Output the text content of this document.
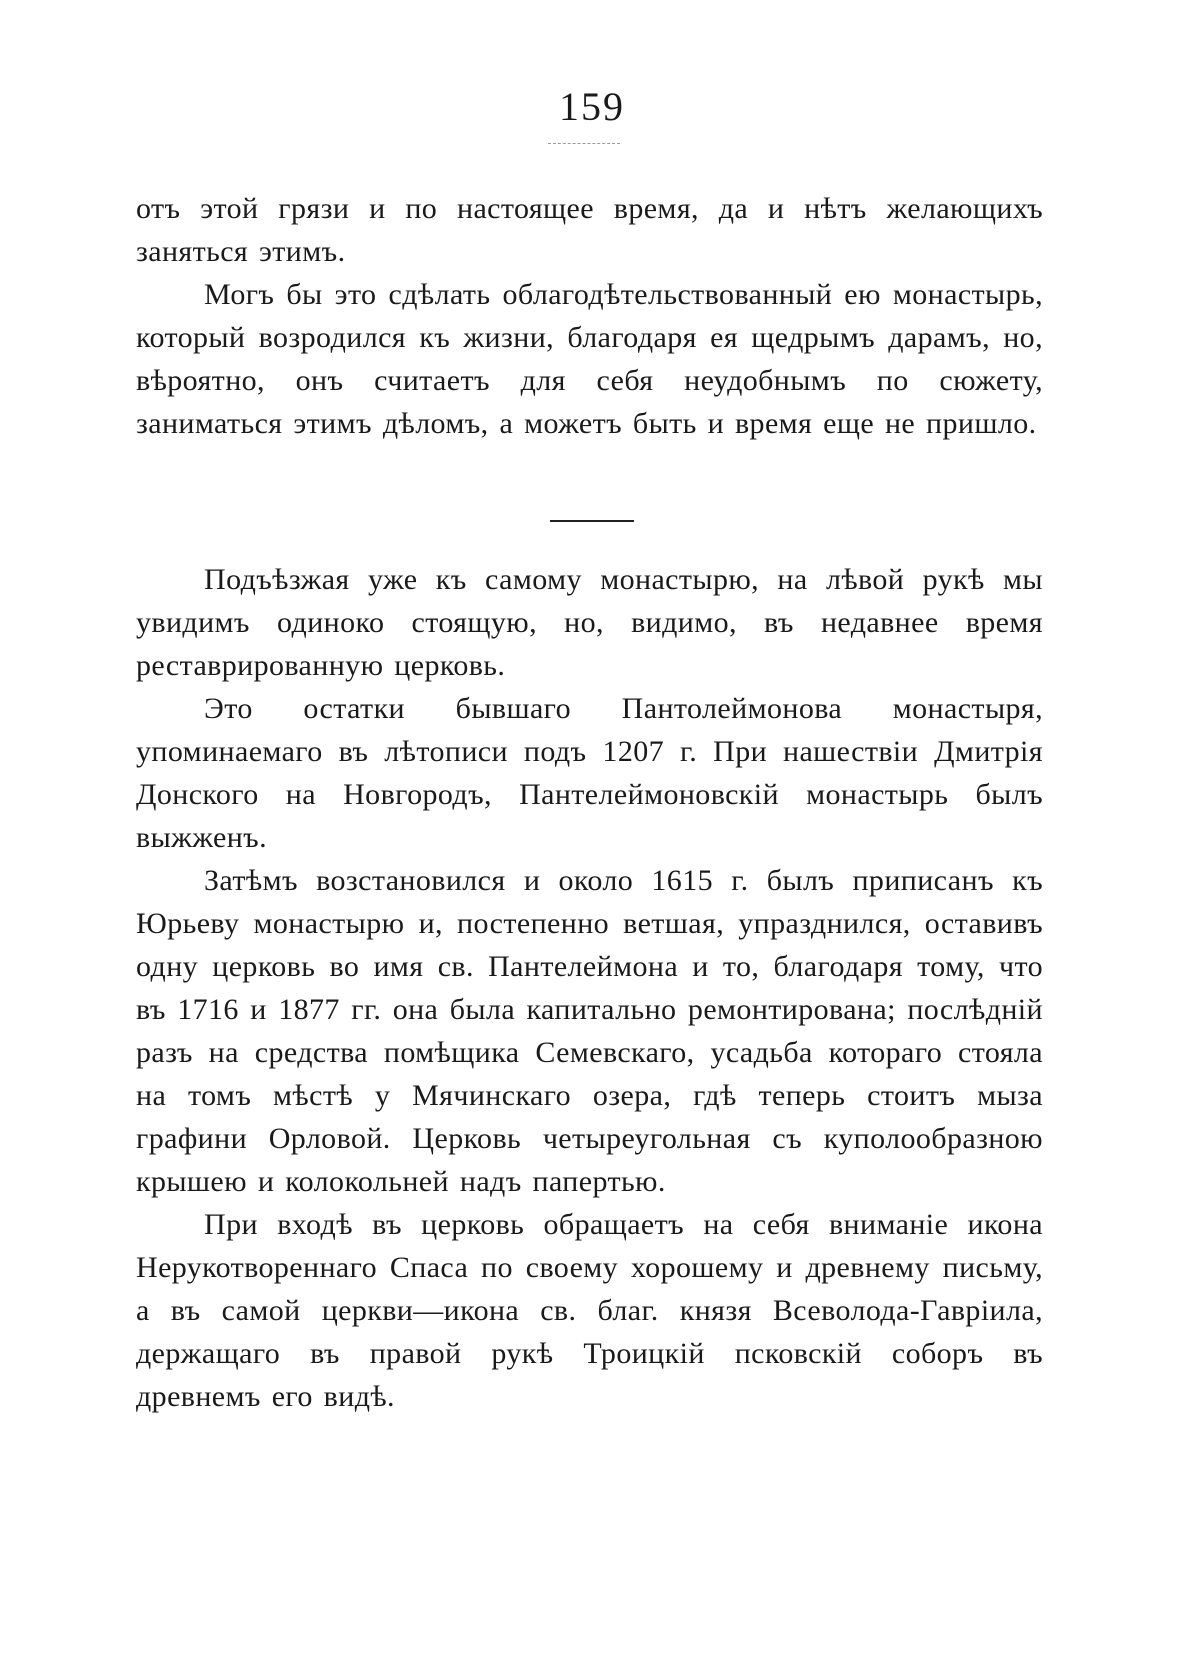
159

отъ этой грязи и по настоящее время, да и нѣтъ желающихъ заняться этимъ.

Могъ бы это сдѣлать облагодѣтельствованный ею монастырь, который возродился къ жизни, благодаря ея щедрымъ дарамъ, но, вѣроятно, онъ считаетъ для себя неудобнымъ по сюжету, заниматься этимъ дѣломъ, а можетъ быть и время еще не пришло.

Подъѣзжая уже къ самому монастырю, на лѣвой рукѣ мы увидимъ одиноко стоящую, но, видимо, въ недавнее время реставрированную церковь.

Это остатки бывшаго Пантолеймонова монастыря, упоминаемаго въ лѣтописи подъ 1207 г. При нашествіи Дмитрія Донского на Новгородъ, Пантелеймоновскій монастырь былъ выжженъ.

Затѣмъ возстановился и около 1615 г. былъ приписанъ къ Юрьеву монастырю и, постепенно ветшая, упразднился, оставивъ одну церковь во имя св. Пантелеймона и то, благодаря тому, что въ 1716 и 1877 гг. она была капитально ремонтирована; послѣдній разъ на средства помѣщика Семевскаго, усадьба котораго стояла на томъ мѣстѣ у Мячинскаго озера, гдѣ теперь стоитъ мыза графини Орловой. Церковь четыреугольная съ куполообразною крышею и колокольней надъ папертью.

При входѣ въ церковь обращаетъ на себя вниманіе икона Нерукотвореннаго Спаса по своему хорошему и древнему письму, а въ самой церкви—икона св. благ. князя Всеволода-Гавріила, держащаго въ правой рукѣ Троицкій псковскій соборъ въ древнемъ его видѣ.
